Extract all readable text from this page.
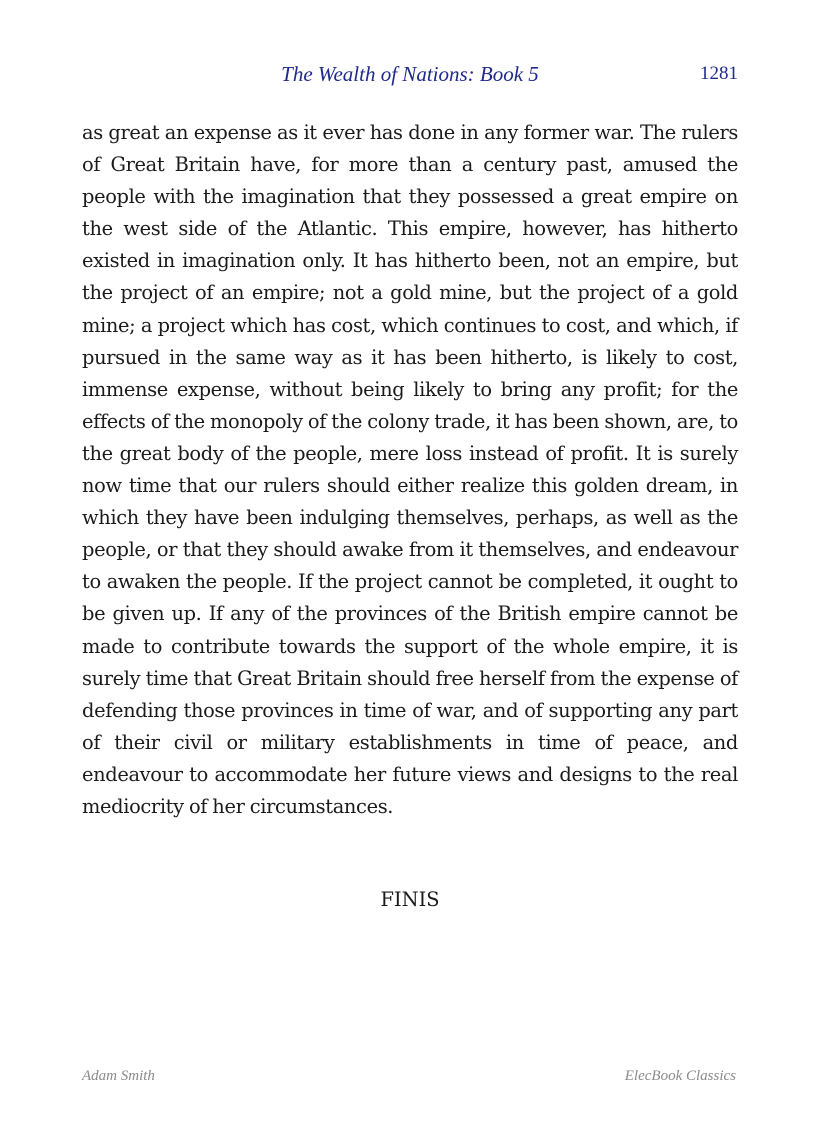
The Wealth of Nations: Book 5	1281

as great an expense as it ever has done in any former war. The rulers of Great Britain have, for more than a century past, amused the people with the imagination that they possessed a great empire on the west side of the Atlantic. This empire, however, has hitherto existed in imagination only. It has hitherto been, not an empire, but the project of an empire; not a gold mine, but the project of a gold mine; a project which has cost, which continues to cost, and which, if pursued in the same way as it has been hitherto, is likely to cost, immense expense, without being likely to bring any profit; for the effects of the monopoly of the colony trade, it has been shown, are, to the great body of the people, mere loss instead of profit. It is surely now time that our rulers should either realize this golden dream, in which they have been indulging themselves, perhaps, as well as the people, or that they should awake from it themselves, and endeavour to awaken the people. If the project cannot be completed, it ought to be given up. If any of the provinces of the British empire cannot be made to contribute towards the support of the whole empire, it is surely time that Great Britain should free herself from the expense of defending those provinces in time of war, and of supporting any part of their civil or military establishments in time of peace, and endeavour to accommodate her future views and designs to the real mediocrity of her circumstances.

FINIS
Adam Smith	ElecBook Classics
